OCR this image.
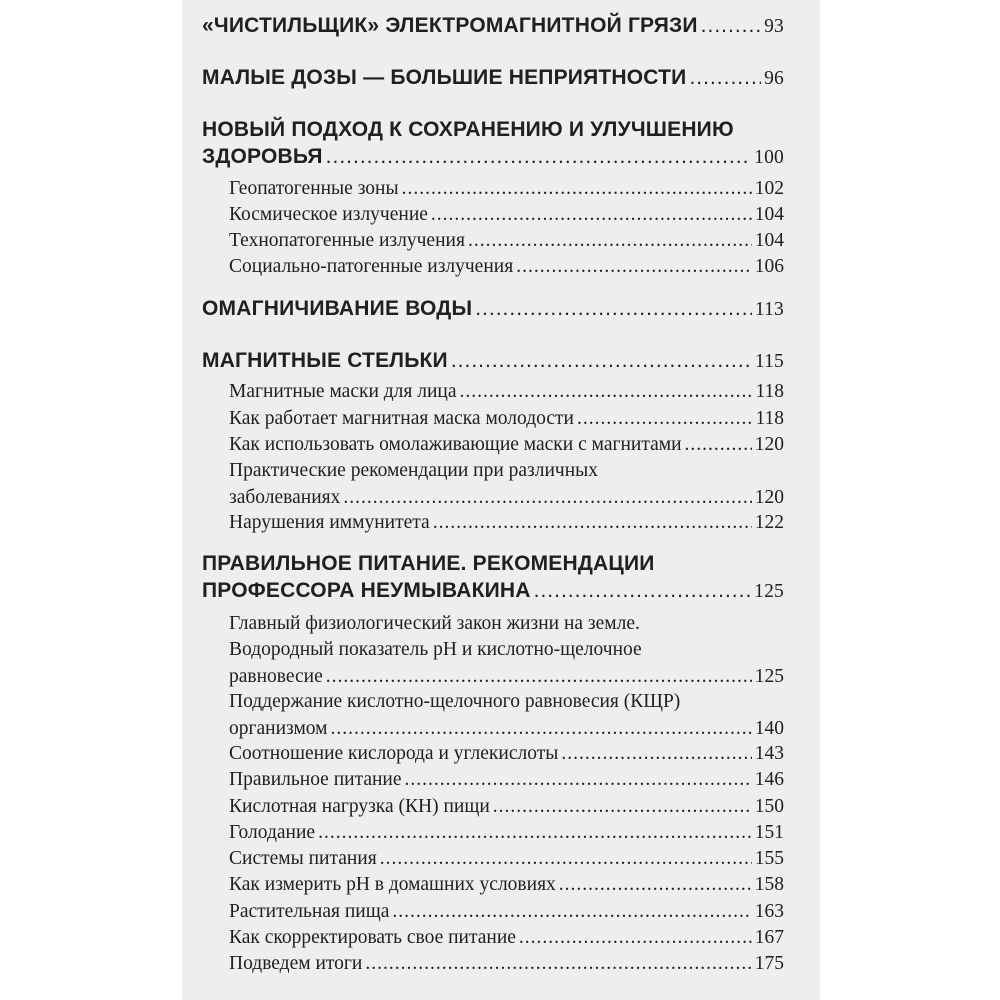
«ЧИСТИЛЬЩИК» ЭЛЕКТРОМАГНИТНОЙ ГРЯЗИ .....	93
МАЛЫЕ ДОЗЫ — БОЛЬШИЕ НЕПРИЯТНОСТИ .....	96
НОВЫЙ ПОДХОД К СОХРАНЕНИЮ И УЛУЧШЕНИЮ
ЗДОРОВЬЯ .....	100
Геопатогенные зоны .....	102
Космическое излучение .....	104
Технопатогенные излучения .....	104
Социально-патогенные излучения .....	106
ОМАГНИЧИВАНИЕ ВОДЫ .....	113
МАГНИТНЫЕ СТЕЛЬКИ .....	115
Магнитные маски для лица .....	118
Как работает магнитная маска молодости .....	118
Как использовать омолаживающие маски с магнитами .....	120
Практические рекомендации при различных
заболеваниях .....	120
Нарушения иммунитета .....	122
ПРАВИЛЬНОЕ ПИТАНИЕ. РЕКОМЕНДАЦИИ
ПРОФЕССОРА НЕУМЫВАКИНА .....	125
Главный физиологический закон жизни на земле.
Водородный показатель pH и кислотно-щелочное
равновесие .....	125
Поддержание кислотно-щелочного равновесия (КЩР)
организмом .....	140
Соотношение кислорода и углекислоты .....	143
Правильное питание .....	146
Кислотная нагрузка (КН) пищи .....	150
Голодание .....	151
Системы питания .....	155
Как измерить pH в домашних условиях .....	158
Растительная пища .....	163
Как скорректировать свое питание .....	167
Подведем итоги .....	175
